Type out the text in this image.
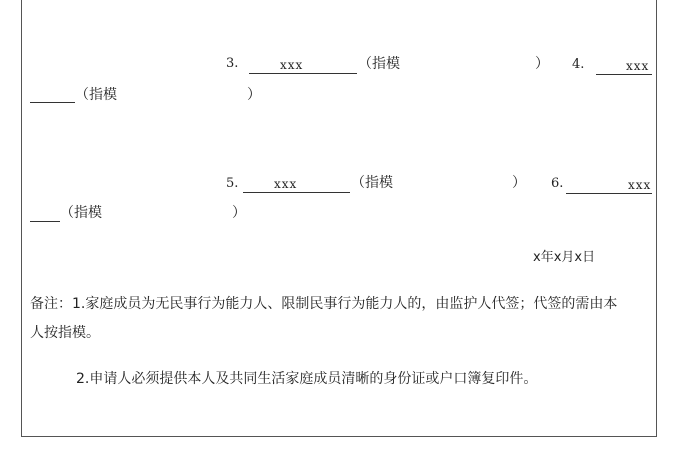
3.	xxx	（指模	） 4.	xxx
（指模	）
5.	xxx	（指模	） 6.	xxx
（指模	）
x年x月x日
备注：1.家庭成员为无民事行为能力人、限制民事行为能力人的，由监护人代签；代签的需由本
人按指模。
2.申请人必须提供本人及共同生活家庭成员清晰的身份证或户口簿复印件。
